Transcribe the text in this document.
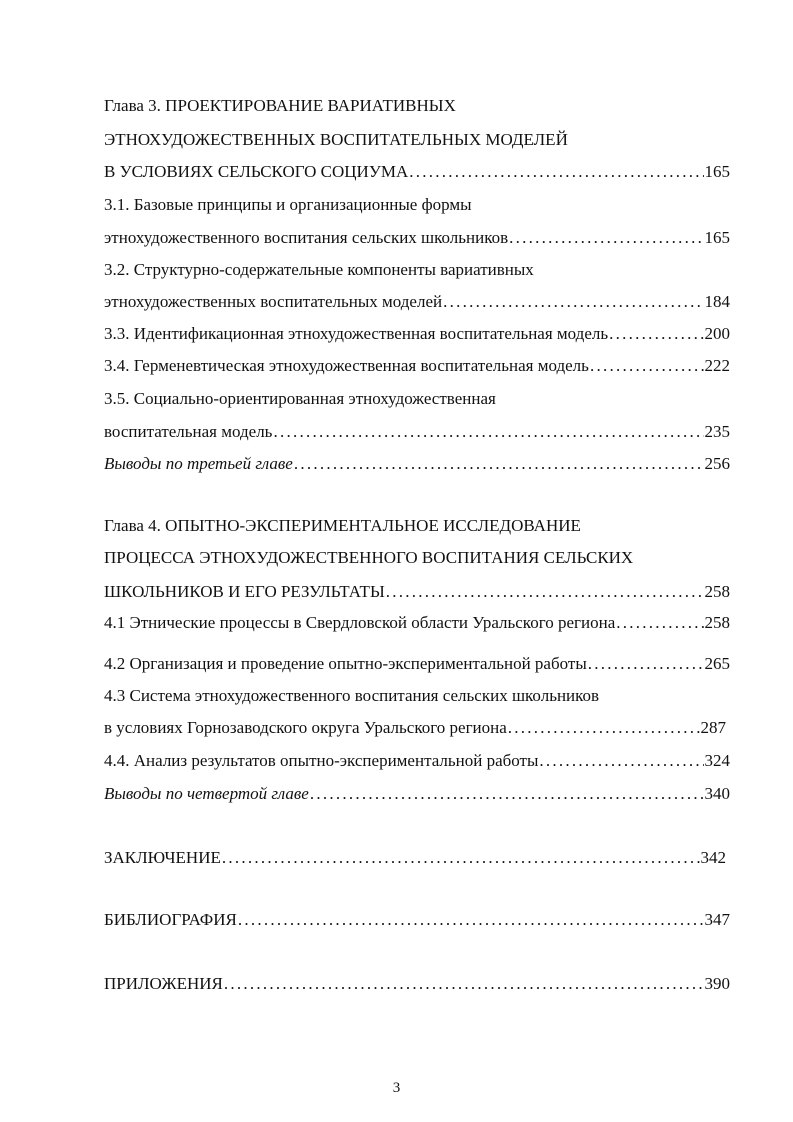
Глава 3. ПРОЕКТИРОВАНИЕ ВАРИАТИВНЫХ
ЭТНОХУДОЖЕСТВЕННЫХ ВОСПИТАТЕЛЬНЫХ МОДЕЛЕЙ
В УСЛОВИЯХ СЕЛЬСКОГО СОЦИУМА . . .	165
3.1. Базовые принципы и организационные формы
этнохудожественного воспитания сельских школьников . . .	165
3.2. Структурно-содержательные компоненты вариативных
этнохудожественных воспитательных моделей . . .	184
3.3. Идентификационная этнохудожественная воспитательная модель . . .	200
3.4. Герменевтическая этнохудожественная воспитательная модель . . .	222
3.5. Социально-ориентированная этнохудожественная
воспитательная модель . . .	235
Выводы по третьей главе . . .	256
Глава 4. ОПЫТНО-ЭКСПЕРИМЕНТАЛЬНОЕ ИССЛЕДОВАНИЕ
ПРОЦЕССА ЭТНОХУДОЖЕСТВЕННОГО ВОСПИТАНИЯ СЕЛЬСКИХ
ШКОЛЬНИКОВ И ЕГО РЕЗУЛЬТАТЫ . . .	258
4.1 Этнические процессы в Свердловской области Уральского региона . . .	258
4.2 Организация и проведение опытно-экспериментальной работы . . .	265
4.3 Система этнохудожественного воспитания сельских школьников
в условиях Горнозаводского округа Уральского региона . . .	287
4.4. Анализ результатов опытно-экспериментальной работы . . .	324
Выводы по четвертой главе . . .	340
ЗАКЛЮЧЕНИЕ . . .	342
БИБЛИОГРАФИЯ . . .	347
ПРИЛОЖЕНИЯ . . .	390
3
